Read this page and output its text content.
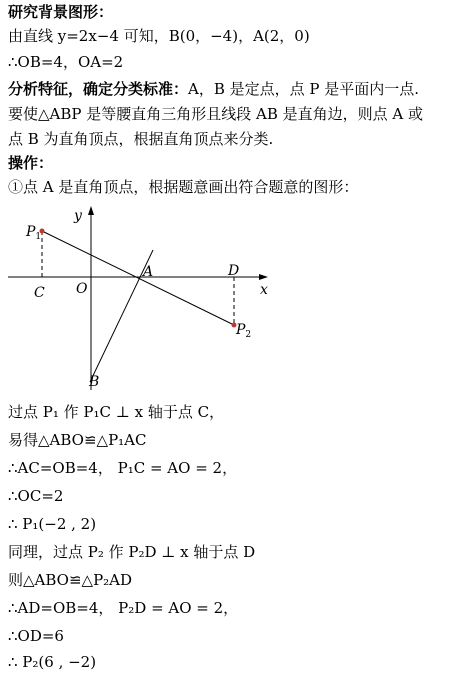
研究背景图形：
由直线 y=2x−4 可知，B(0，−4)，A(2，0)
∴OB=4，OA=2
分析特征，确定分类标准：A，B 是定点，点 P 是平面内一点.
要使△ABP 是等腰直角三角形且线段 AB 是直角边，则点 A 或
点 B 为直角顶点，根据直角顶点来分类.
操作：
①点 A 是直角顶点，根据题意画出符合题意的图形：
y
x
O
A
B
C
D
$P_1$
$P_2$
过点 P₁ 作 P₁C ⊥ x 轴于点 C，
易得△ABO≌△P₁AC
∴AC=OB=4， P₁C = AO = 2，
∴OC=2
∴ P₁(−2 , 2)
同理，过点 P₂ 作 P₂D ⊥ x 轴于点 D
则△ABO≌△P₂AD
∴AD=OB=4， P₂D = AO = 2，
∴OD=6
∴ P₂(6 , −2)
